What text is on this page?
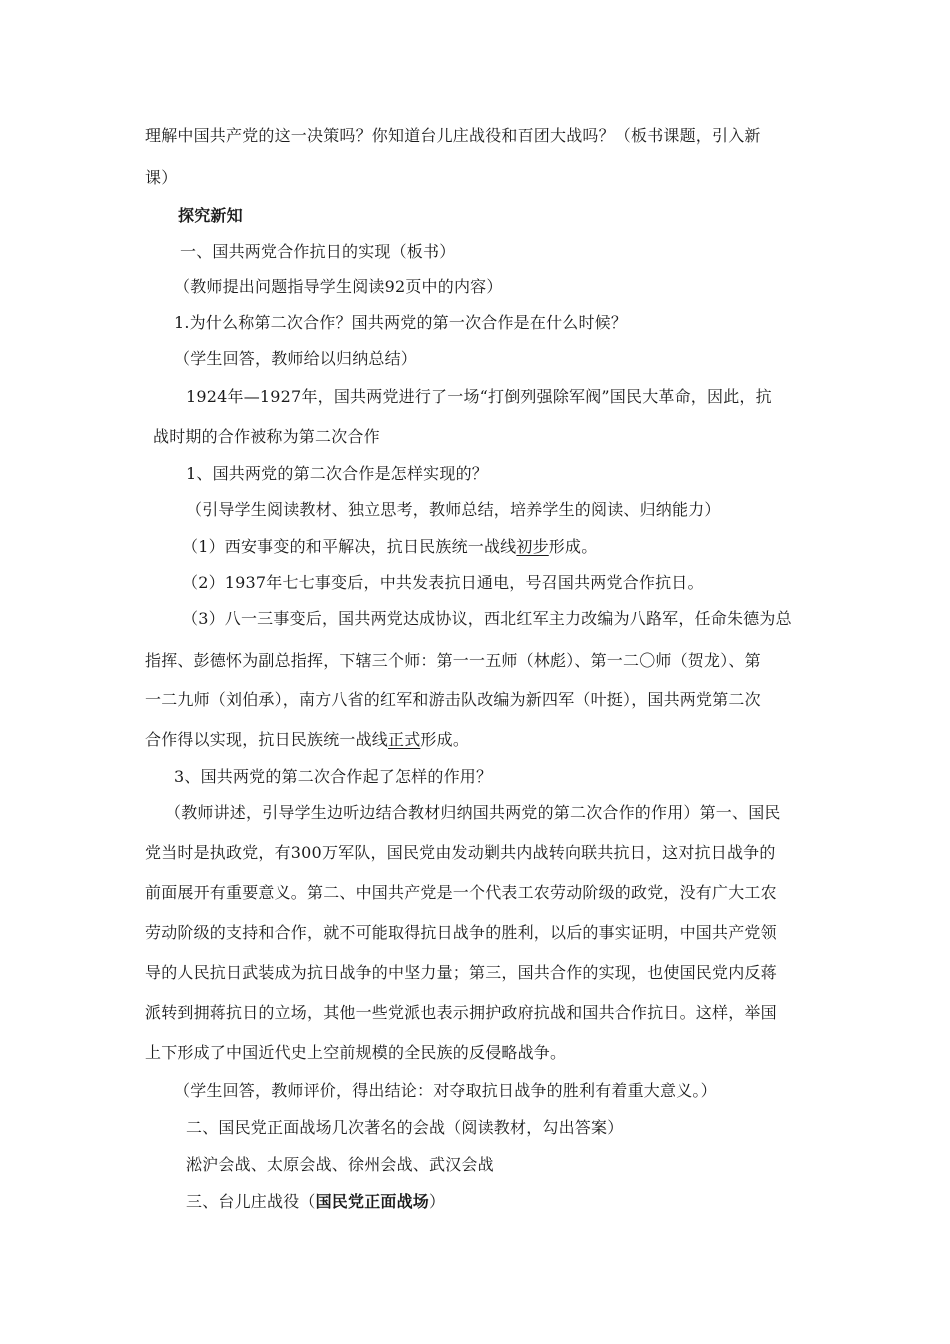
理解中国共产党的这一决策吗？你知道台儿庄战役和百团大战吗？（板书课题，引入新
课）
探究新知
一、国共两党合作抗日的实现（板书）
（教师提出问题指导学生阅读92页中的内容）
1.为什么称第二次合作？国共两党的第一次合作是在什么时候？
（学生回答，教师给以归纳总结）
1924年—1927年，国共两党进行了一场“打倒列强除军阀”国民大革命，因此，抗
战时期的合作被称为第二次合作
1、国共两党的第二次合作是怎样实现的？
（引导学生阅读教材、独立思考，教师总结，培养学生的阅读、归纳能力）
（1）西安事变的和平解决，抗日民族统一战线初步形成。
（2）1937年七七事变后，中共发表抗日通电，号召国共两党合作抗日。
（3）八一三事变后，国共两党达成协议，西北红军主力改编为八路军，任命朱德为总
指挥、彭德怀为副总指挥，下辖三个师：第一一五师（林彪）、第一二〇师（贺龙）、第
一二九师（刘伯承），南方八省的红军和游击队改编为新四军（叶挺），国共两党第二次
合作得以实现，抗日民族统一战线正式形成。
3、国共两党的第二次合作起了怎样的作用？
（教师讲述，引导学生边听边结合教材归纳国共两党的第二次合作的作用）第一、国民
党当时是执政党，有300万军队，国民党由发动剿共内战转向联共抗日，这对抗日战争的
前面展开有重要意义。第二、中国共产党是一个代表工农劳动阶级的政党，没有广大工农
劳动阶级的支持和合作，就不可能取得抗日战争的胜利，以后的事实证明，中国共产党领
导的人民抗日武装成为抗日战争的中坚力量；第三，国共合作的实现，也使国民党内反蒋
派转到拥蒋抗日的立场，其他一些党派也表示拥护政府抗战和国共合作抗日。这样，举国
上下形成了中国近代史上空前规模的全民族的反侵略战争。
（学生回答，教师评价，得出结论：对夺取抗日战争的胜利有着重大意义。）
二、国民党正面战场几次著名的会战（阅读教材，勾出答案）
淞沪会战、太原会战、徐州会战、武汉会战
三、台儿庄战役（国民党正面战场）
